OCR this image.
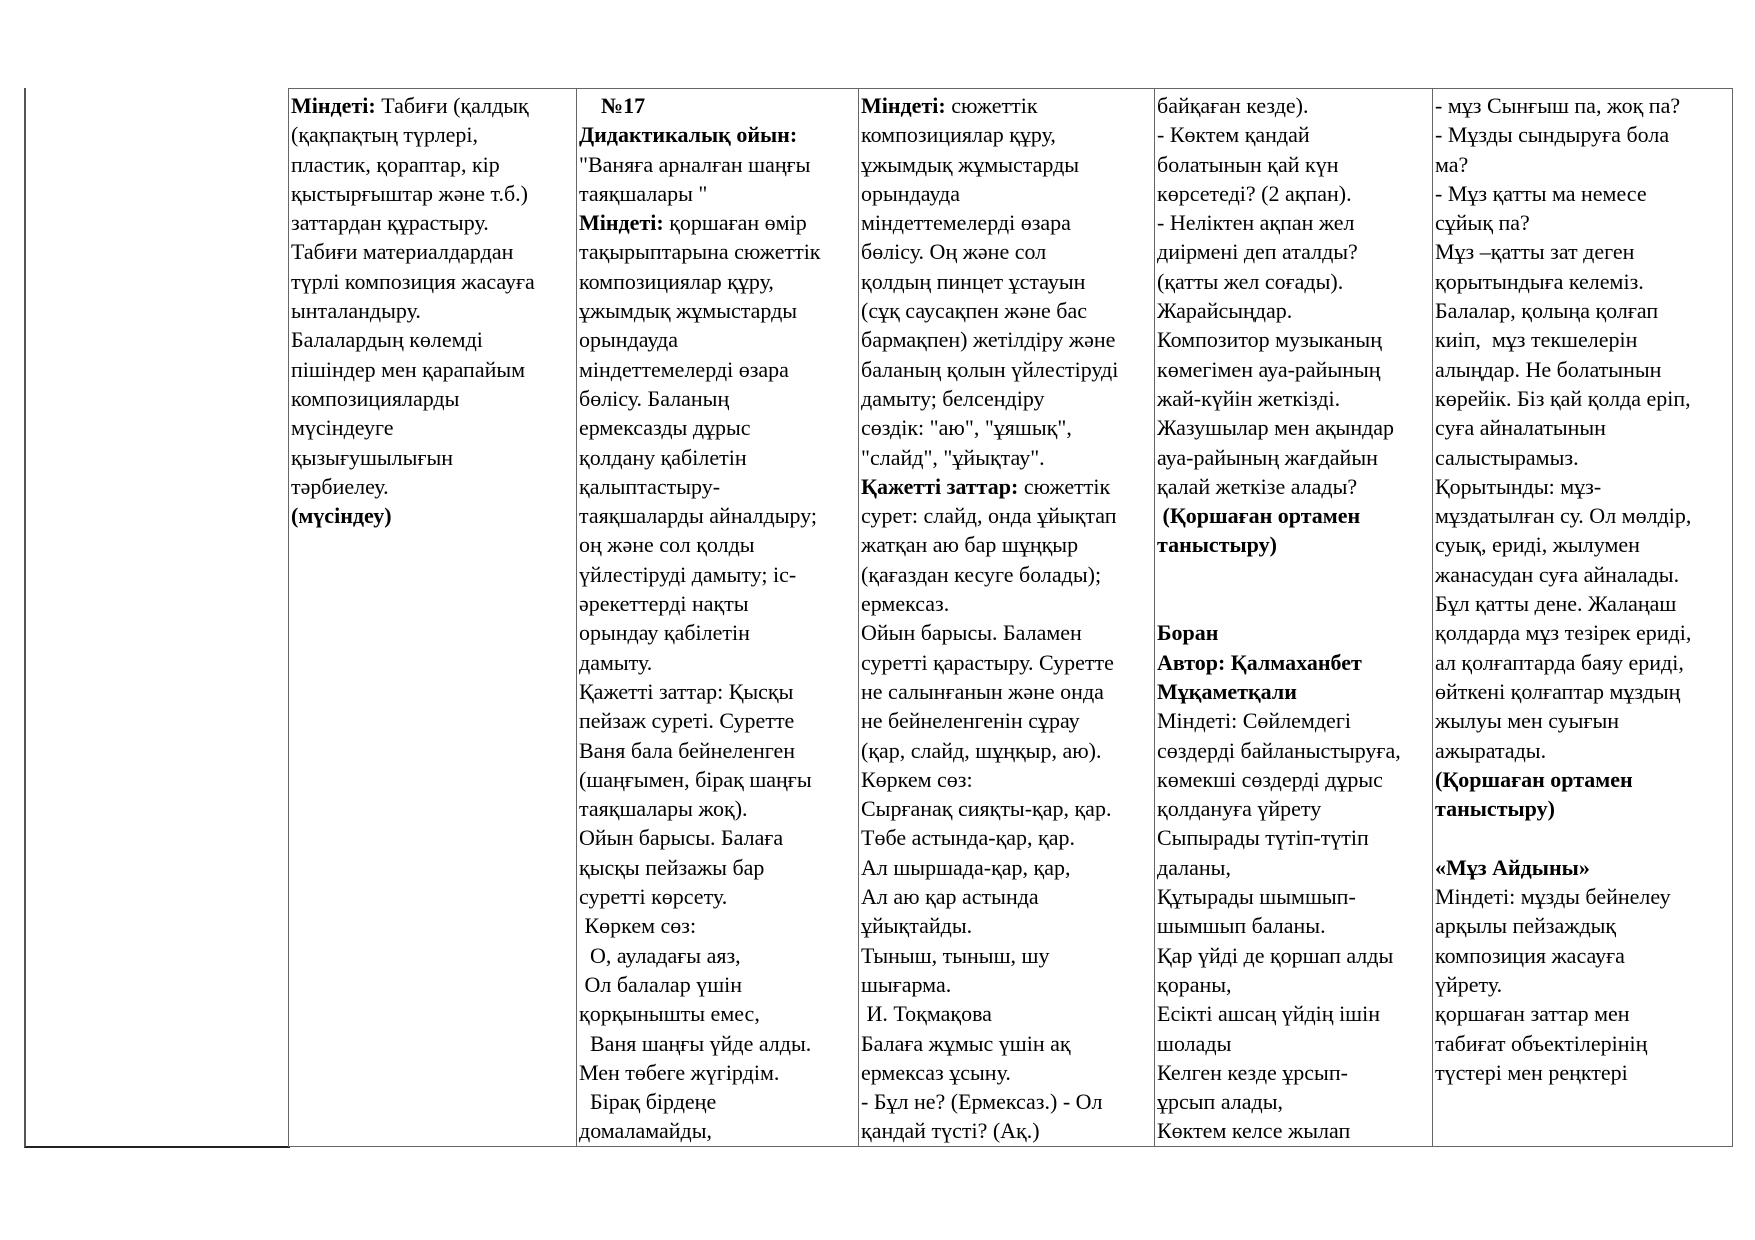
Міндеті: Табиғи (қалдық
(қақпақтың түрлері,
пластик, қораптар, кір
қыстырғыштар және т.б.)
заттардан құрастыру.
Табиғи материалдардан
түрлі композиция жасауға
ынталандыру.
Балалардың көлемді
пішіндер мен қарапайым
композицияларды
мүсіндеуге
қызығушылығын
тәрбиелеу.
(мүсіндеу)

№17
Дидактикалық ойын:
"Ваняға арналған шаңғы
таяқшалары "
Міндеті: қоршаған өмір
тақырыптарына сюжеттік
композициялар құру,
ұжымдық жұмыстарды
орындауда
міндеттемелерді өзара
бөлісу. Баланың
ермексазды дұрыс
қолдану қабілетін
қалыптастыру-
таяқшаларды айналдыру;
оң және сол қолды
үйлестіруді дамыту; іс-
әрекеттерді нақты
орындау қабілетін
дамыту.
Қажетті заттар: Қысқы
пейзаж суреті. Суретте
Ваня бала бейнеленген
(шаңғымен, бірақ шаңғы
таяқшалары жоқ).
Ойын барысы. Балаға
қысқы пейзажы бар
суретті көрсету.
Көркем сөз:
О, ауладағы аяз,
Ол балалар үшін
қорқынышты емес,
Ваня шаңғы үйде алды.
Мен төбеге жүгірдім.
Бірақ бірдеңе
домаламайды,

Міндеті: сюжеттік
композициялар құру,
ұжымдық жұмыстарды
орындауда
міндеттемелерді өзара
бөлісу. Оң және сол
қолдың пинцет ұстауын
(сұқ саусақпен және бас
бармақпен) жетілдіру және
баланың қолын үйлестіруді
дамыту; белсендіру
сөздік: "аю", "ұяшық",
"слайд", "ұйықтау".
Қажетті заттар: сюжеттік
сурет: слайд, онда ұйықтап
жатқан аю бар шұңқыр
(қағаздан кесуге болады);
ермексаз.
Ойын барысы. Баламен
суретті қарастыру. Суретте
не салынғанын және онда
не бейнеленгенін сұрау
(қар, слайд, шұңқыр, аю).
Көркем сөз:
Сырғанақ сияқты-қар, қар.
Төбе астында-қар, қар.
Ал шыршада-қар, қар,
Ал аю қар астында
ұйықтайды.
Тыныш, тыныш, шу
шығарма.
И. Тоқмақова
Балаға жұмыс үшін ақ
ермексаз ұсыну.
- Бұл не? (Ермексаз.) - Ол
қандай түсті? (Ақ.)

байқаған кезде).
- Көктем қандай
болатынын қай күн
көрсетеді? (2 ақпан).
- Неліктен ақпан жел
диірмені деп аталды?
(қатты жел соғады).
Жарайсыңдар.
Композитор музыканың
көмегімен ауа-райының
жай-күйін жеткізді.
Жазушылар мен ақындар
ауа-райының жағдайын
қалай жеткізе алады?
(Қоршаған ортамен
таныстыру)
Боран
Автор: Қалмаханбет
Мұқаметқали
Міндеті: Сөйлемдегі
сөздерді байланыстыруға,
көмекші сөздерді дұрыс
қолдануға үйрету
Сыпырады түтіп-түтіп
даланы,
Құтырады шымшып-
шымшып баланы.
Қар үйді де қоршап алды
қораны,
Есікті ашсаң үйдің ішін
шолады
Келген кезде ұрсып-
ұрсып алады,
Көктем келсе жылап

- мұз Сынғыш па, жоқ па?
- Мұзды сындыруға бола
ма?
- Мұз қатты ма немесе
сұйық па?
Мұз –қатты зат деген
қорытындыға келеміз.
Балалар, қолыңа қолғап
киіп,  мұз текшелерін
алыңдар. Не болатынын
көрейік. Біз қай қолда еріп,
суға айналатынын
салыстырамыз.
Қорытынды: мұз-
мұздатылған су. Ол мөлдір,
суық, ериді, жылумен
жанасудан суға айналады.
Бұл қатты дене. Жалаңаш
қолдарда мұз тезірек ериді,
ал қолғаптарда баяу ериді,
өйткені қолғаптар мұздың
жылуы мен суығын
ажыратады.
(Қоршаған ортамен
таныстыру)
«Мұз Айдыны»
Міндеті: мұзды бейнелеу
арқылы пейзаждық
композиция жасауға
үйрету.
қоршаған заттар мен
табиғат объектілерінің
түстері мен реңктері
